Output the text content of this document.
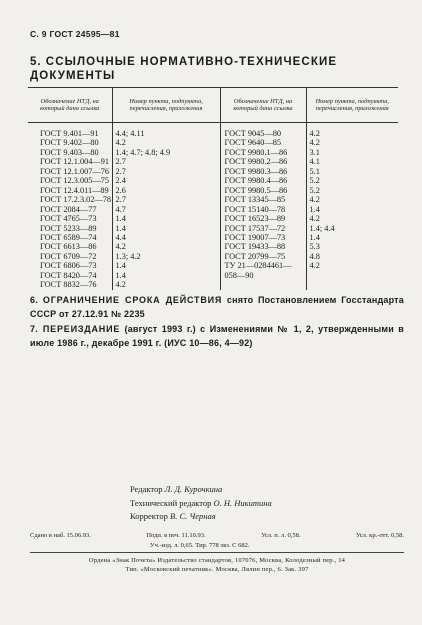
С. 9 ГОСТ 24595—81
5. ССЫЛОЧНЫЕ НОРМАТИВНО-ТЕХНИЧЕСКИЕ ДОКУМЕНТЫ
Обозначение НТД, на который дана ссылка	Номер пункта, подпункта, перечисления, приложения	Обозначение НТД, на который дана ссылка	Номер пункта, подпункта, перечисления, приложения
ГОСТ 9.401—91	4.4; 4.11	ГОСТ 9045—80	4.2
ГОСТ 9.402—80	4.2	ГОСТ 9640—85	4.2
ГОСТ 9.403—80	1.4; 4.7; 4.8; 4.9	ГОСТ 9980.1—86	3.1
ГОСТ 12.1.004—91	2.7	ГОСТ 9980.2—86	4.1
ГОСТ 12.1.007—76	2.7	ГОСТ 9980.3—86	5.1
ГОСТ 12.3.005—75	2.4	ГОСТ 9980.4—86	5.2
ГОСТ 12.4.011—89	2.6	ГОСТ 9980.5—86	5.2
ГОСТ 17.2.3.02—78	2.7	ГОСТ 13345—85	4.2
ГОСТ 2084—77	4.7	ГОСТ 15140—78	1.4
ГОСТ 4765—73	1.4	ГОСТ 16523—89	4.2
ГОСТ 5233—89	1.4	ГОСТ 17537—72	1.4; 4.4
ГОСТ 6589—74	4.4	ГОСТ 19007—73	1.4
ГОСТ 6613—86	4.2	ГОСТ 19433—88	5.3
ГОСТ 6709—72	1.3; 4.2	ГОСТ 20799—75	4.8
ГОСТ 6806—73	1.4	ТУ 21—0284461—	4.2
ГОСТ 8420—74	1.4	058—90	
ГОСТ 8832—76	4.2		
6. ОГРАНИЧЕНИЕ СРОКА ДЕЙСТВИЯ снято Постановлением Госстандарта СССР от 27.12.91 № 2235
7. ПЕРЕИЗДАНИЕ (август 1993 г.) с Изменениями № 1, 2, утвержденными в июле 1986 г., декабре 1991 г. (ИУС 10—86, 4—92)
Редактор Л. Д. Курочкина
Технический редактор О. Н. Никитина
Корректор В. С. Черная
Сдано в наб. 15.06.93.	Подп. в печ. 11.10.93.	Усл. п. л. 0,58.	Усл. кр.-отт. 0,58.
Уч.-изд. л. 0,65. Тир. 778 экз. С 682.
Ордена «Знак Почета» Издательство стандартов, 107076, Москва, Колодезный пер., 14
Тип. «Московский печатник». Москва, Лялин пер., 6. Зак. 397
